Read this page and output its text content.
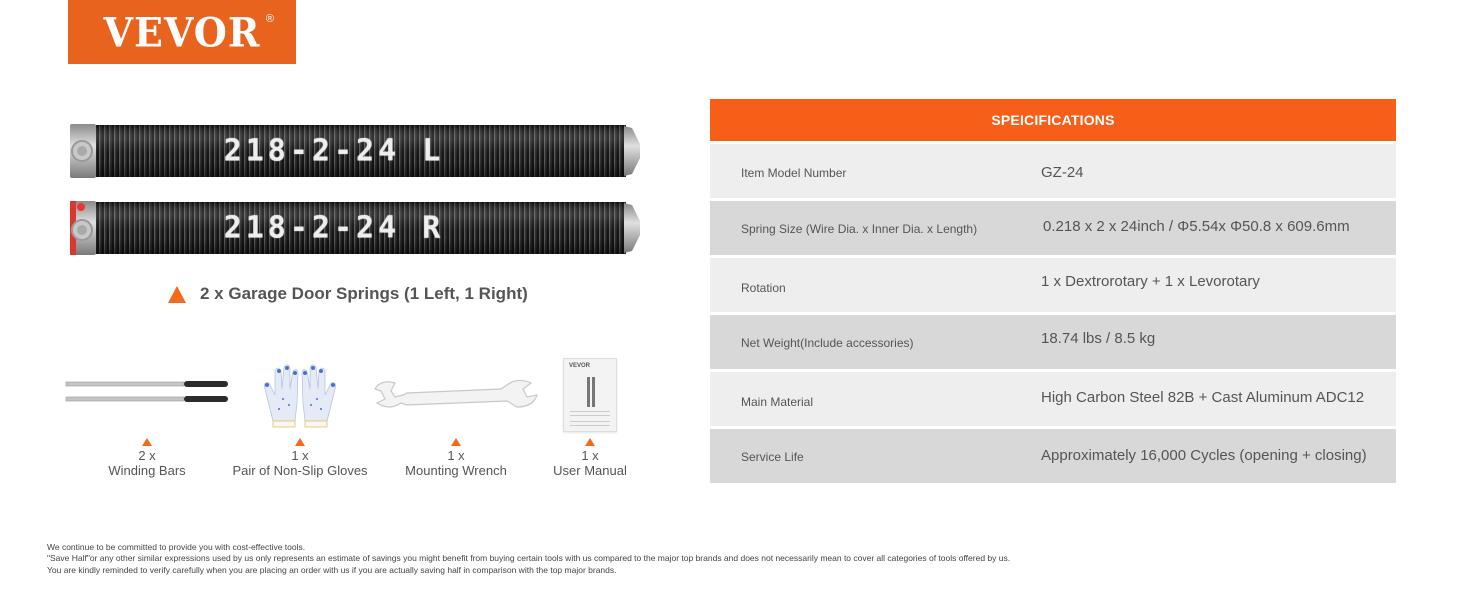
VEVOR ®
218-2-24 L
218-2-24 R
2 x Garage Door Springs (1 Left, 1 Right)
2 x
Winding Bars
1 x
Pair of Non-Slip Gloves
1 x
Mounting Wrench
VEVOR
1 x
User Manual
SPEICIFICATIONS
Item Model Number	GZ-24
Spring Size (Wire Dia. x Inner Dia. x Length)	0.218 x 2 x 24inch / Φ5.54x Φ50.8 x 609.6mm
Rotation	1 x Dextrorotary + 1 x Levorotary
Net Weight(Include accessories)	18.74 lbs / 8.5 kg
Main Material	High Carbon Steel 82B + Cast Aluminum ADC12
Service Life	Approximately 16,000 Cycles (opening + closing)
We continue to be committed to provide you with cost-effective tools.
"Save Half"or any other similar expressions used by us only represents an estimate of savings you might benefit from buying certain tools with us compared to the major top brands and does not necessarily mean to cover all categories of tools offered by us.
You are kindly reminded to verify carefully when you are placing an order with us if you are actually saving half in comparison with the top major brands.
